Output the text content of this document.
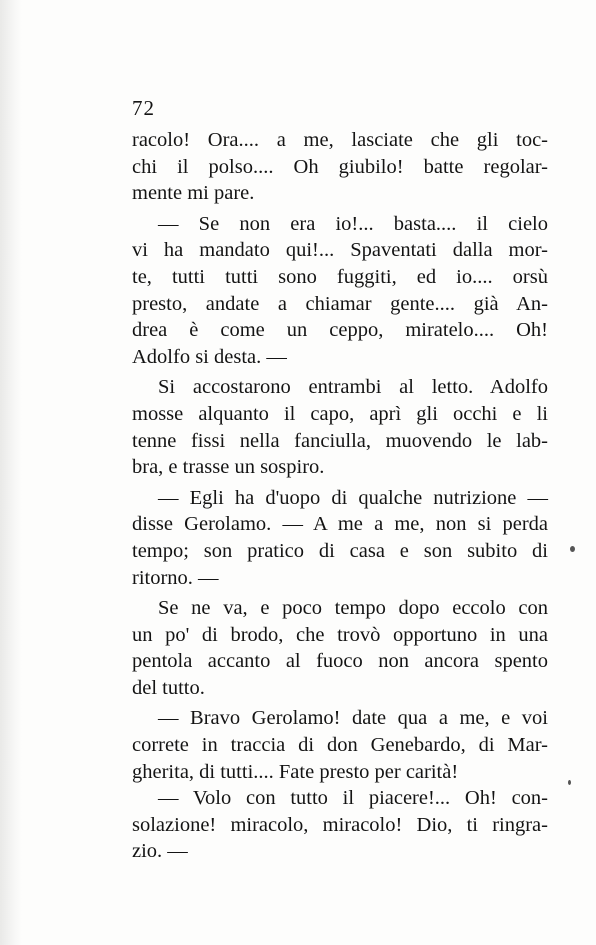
72
racolo! Ora.... a me, lasciate che gli toc-
chi il polso.... Oh giubilo! batte regolar-
mente mi pare.
— Se non era io!... basta.... il cielo
vi ha mandato qui!... Spaventati dalla mor-
te, tutti tutti sono fuggiti, ed io.... orsù
presto, andate a chiamar gente.... già An-
drea è come un ceppo, miratelo.... Oh!
Adolfo si desta. —
Si accostarono entrambi al letto. Adolfo
mosse alquanto il capo, aprì gli occhi e li
tenne fissi nella fanciulla, muovendo le lab-
bra, e trasse un sospiro.
— Egli ha d'uopo di qualche nutrizione —
disse Gerolamo. — A me a me, non si perda
tempo; son pratico di casa e son subito di
ritorno. —
Se ne va, e poco tempo dopo eccolo con
un po' di brodo, che trovò opportuno in una
pentola accanto al fuoco non ancora spento
del tutto.
— Bravo Gerolamo! date qua a me, e voi
correte in traccia di don Genebardo, di Mar-
gherita, di tutti.... Fate presto per carità!
— Volo con tutto il piacere!... Oh! con-
solazione! miracolo, miracolo! Dio, ti ringra-
zio. —
